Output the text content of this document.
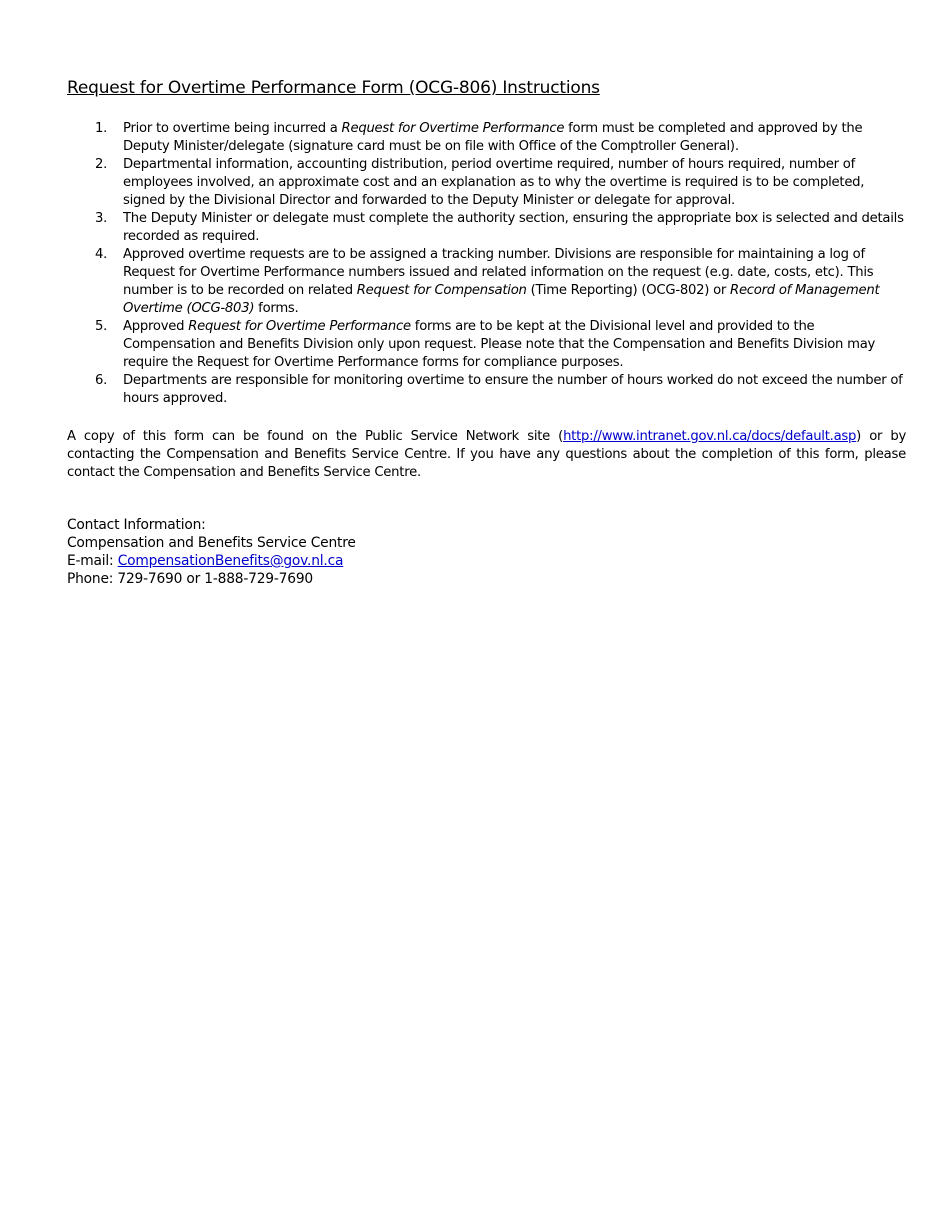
Request for Overtime Performance Form (OCG-806) Instructions
1. Prior to overtime being incurred a Request for Overtime Performance form must be completed and approved by the Deputy Minister/delegate (signature card must be on file with Office of the Comptroller General).
2. Departmental information, accounting distribution, period overtime required, number of hours required, number of employees involved, an approximate cost and an explanation as to why the overtime is required is to be completed, signed by the Divisional Director and forwarded to the Deputy Minister or delegate for approval.
3. The Deputy Minister or delegate must complete the authority section, ensuring the appropriate box is selected and details recorded as required.
4. Approved overtime requests are to be assigned a tracking number. Divisions are responsible for maintaining a log of Request for Overtime Performance numbers issued and related information on the request (e.g. date, costs, etc). This number is to be recorded on related Request for Compensation (Time Reporting) (OCG-802) or Record of Management Overtime (OCG-803) forms.
5. Approved Request for Overtime Performance forms are to be kept at the Divisional level and provided to the Compensation and Benefits Division only upon request. Please note that the Compensation and Benefits Division may require the Request for Overtime Performance forms for compliance purposes.
6. Departments are responsible for monitoring overtime to ensure the number of hours worked do not exceed the number of hours approved.

A copy of this form can be found on the Public Service Network site (http://www.intranet.gov.nl.ca/docs/default.asp) or by contacting the Compensation and Benefits Service Centre. If you have any questions about the completion of this form, please contact the Compensation and Benefits Service Centre.

Contact Information:
Compensation and Benefits Service Centre
E-mail: CompensationBenefits@gov.nl.ca
Phone: 729-7690 or 1-888-729-7690
